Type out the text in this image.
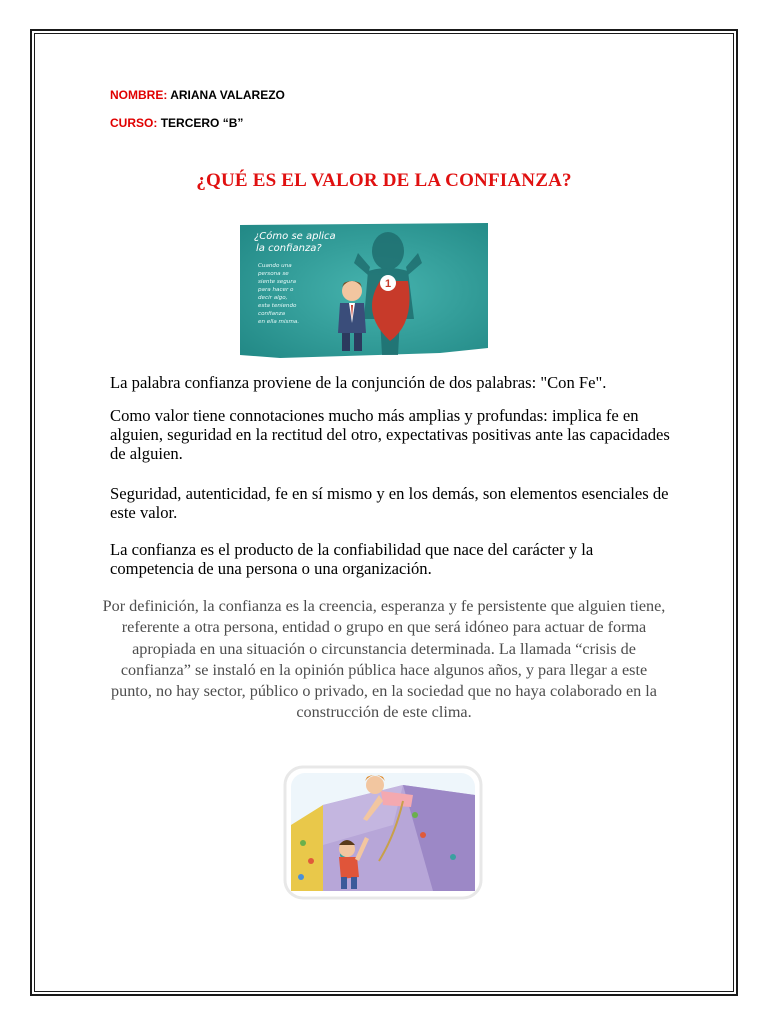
NOMBRE: ARIANA VALAREZO
CURSO: TERCERO “B”
¿QUÉ ES EL VALOR DE LA CONFIANZA?
1
¿Cómo se aplica la confianza?
Cuando una persona se siente segura para hacer o decir algo, esta teniendo confianza en ella misma.

La palabra confianza proviene de la conjunción de dos palabras: "Con Fe".

Como valor tiene connotaciones mucho más amplias y profundas: implica fe en alguien, seguridad en la rectitud del otro, expectativas positivas ante las capacidades de alguien.

Seguridad, autenticidad, fe en sí mismo y en los demás, son elementos esenciales de este valor.

La confianza es el producto de la confiabilidad que nace del carácter y la competencia de una persona o una organización.

Por definición, la confianza es la creencia, esperanza y fe persistente que alguien tiene, referente a otra persona, entidad o grupo en que será idóneo para actuar de forma apropiada en una situación o circunstancia determinada. La llamada “crisis de confianza” se instaló en la opinión pública hace algunos años, y para llegar a este punto, no hay sector, público o privado, en la sociedad que no haya colaborado en la construcción de este clima.
